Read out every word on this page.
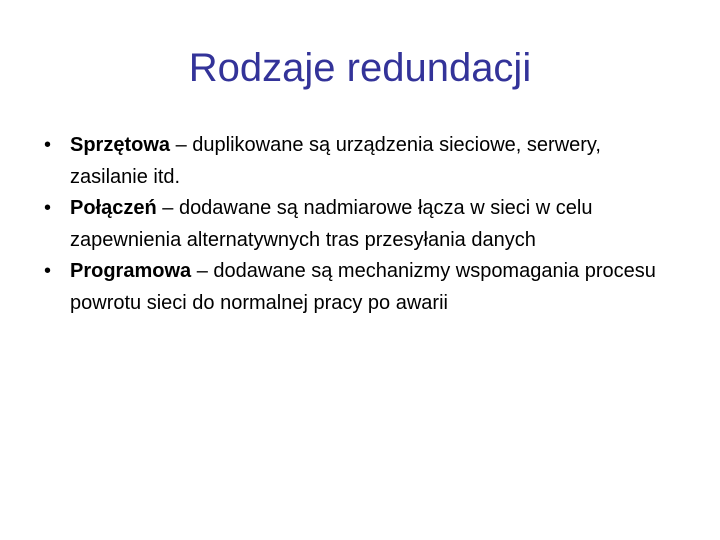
Rodzaje redundacji
• Sprzętowa – duplikowane są urządzenia sieciowe, serwery, zasilanie itd.
• Połączeń – dodawane są nadmiarowe łącza w sieci w celu zapewnienia alternatywnych tras przesyłania danych
• Programowa – dodawane są mechanizmy wspomagania procesu powrotu sieci do normalnej pracy po awarii
